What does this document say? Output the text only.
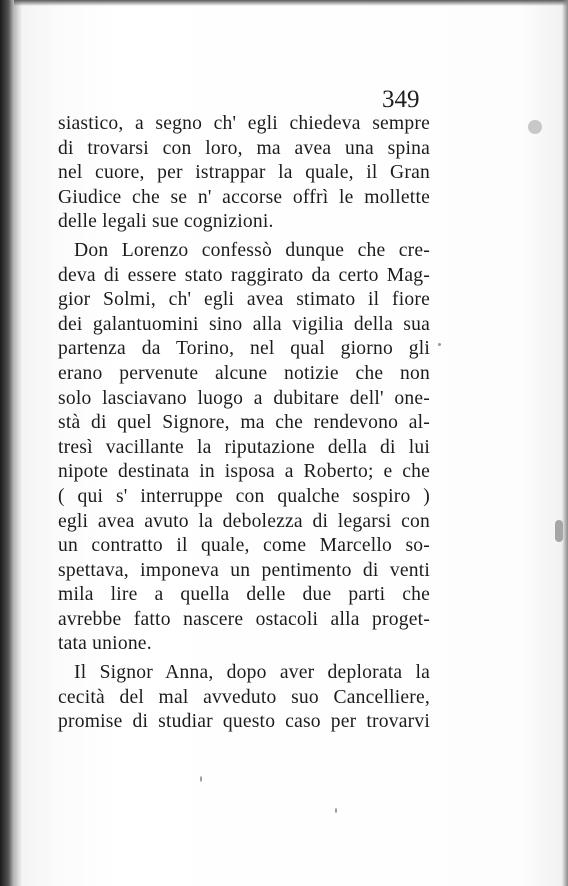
349
siastico, a segno ch' egli chiedeva sempre
di trovarsi con loro, ma avea una spina
nel cuore, per istrappar la quale, il Gran
Giudice che se n' accorse offrì le mollette
delle legali sue cognizioni.
Don Lorenzo confessò dunque che cre-
deva di essere stato raggirato da certo Mag-
gior Solmi, ch' egli avea stimato il fiore
dei galantuomini sino alla vigilia della sua
partenza da Torino, nel qual giorno gli
erano pervenute alcune notizie che non
solo lasciavano luogo a dubitare dell' one-
stà di quel Signore, ma che rendevono al-
tresì vacillante la riputazione della di lui
nipote destinata in isposa a Roberto; e che
( qui s' interruppe con qualche sospiro )
egli avea avuto la debolezza di legarsi con
un contratto il quale, come Marcello so-
spettava, imponeva un pentimento di venti
mila lire a quella delle due parti che
avrebbe fatto nascere ostacoli alla proget-
tata unione.
Il Signor Anna, dopo aver deplorata la
cecità del mal avveduto suo Cancelliere,
promise di studiar questo caso per trovarvi
